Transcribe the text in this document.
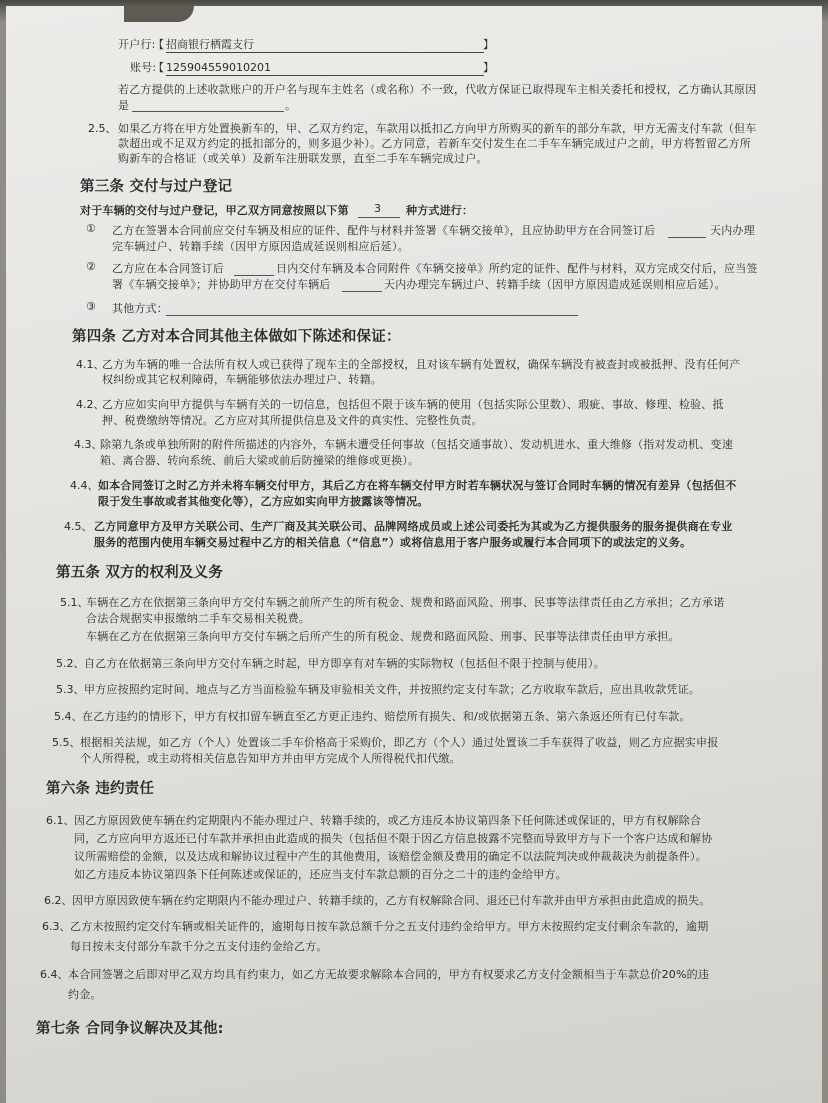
开户行:
【 招商银行栖霞支行	】
账号:
【 125904559010201	】
若乙方提供的上述收款账户的开户名与现车主姓名（或名称）不一致，代收方保证已取得现车主相关委托和授权，乙方确认其原因
是	。
2.5、 如果乙方将在甲方处置换新车的，甲、乙双方约定，车款用以抵扣乙方向甲方所购买的新车的部分车款，甲方无需支付车款（但车
款超出或不足双方约定的抵扣部分的，则多退少补）。乙方同意，若新车交付发生在二手车车辆完成过户之前，甲方将暂留乙方所
购新车的合格证（或关单）及新车注册联发票，直至二手车车辆完成过户。
第三条 交付与过户登记
对于车辆的交付与过户登记，甲乙双方同意按照以下第 3 种方式进行：
① 乙方在签署本合同前应交付车辆及相应的证件、配件与材料并签署《车辆交接单》，且应协助甲方在合同签订后	天内办理
完车辆过户、转籍手续（因甲方原因造成延误则相应后延）。
② 乙方应在本合同签订后	日内交付车辆及本合同附件《车辆交接单》所约定的证件、配件与材料，双方完成交付后，应当签
署《车辆交接单》；并协助甲方在交付车辆后	天内办理完车辆过户、转籍手续（因甲方原因造成延误则相应后延）。
③ 其他方式：
第四条 乙方对本合同其他主体做如下陈述和保证：
4.1、
乙方为车辆的唯一合法所有权人或已获得了现车主的全部授权，且对该车辆有处置权，确保车辆没有被查封或被抵押、没有任何产
权纠纷或其它权利障碍，车辆能够依法办理过户、转籍。
4.2、
乙方应如实向甲方提供与车辆有关的一切信息，包括但不限于该车辆的使用（包括实际公里数）、瑕疵、事故、修理、检验、抵
押、税费缴纳等情况。乙方应对其所提供信息及文件的真实性、完整性负责。
4.3、
除第九条或单独所附的附件所描述的内容外，车辆未遭受任何事故（包括交通事故）、发动机进水、重大维修（指对发动机、变速
箱、离合器、转向系统、前后大梁或前后防撞梁的维修或更换）。
4.4、 如本合同签订之时乙方并未将车辆交付甲方，其后乙方在将车辆交付甲方时若车辆状况与签订合同时车辆的情况有差异（包括但不
限于发生事故或者其他变化等），乙方应如实向甲方披露该等情况。
4.5、 乙方同意甲方及甲方关联公司、生产厂商及其关联公司、品牌网络成员或上述公司委托为其或为乙方提供服务的服务提供商在专业
服务的范围内使用车辆交易过程中乙方的相关信息（“信息”）或将信息用于客户服务或履行本合同项下的或法定的义务。
第五条 双方的权利及义务
5.1、
车辆在乙方在依据第三条向甲方交付车辆之前所产生的所有税金、规费和路面风险、刑事、民事等法律责任由乙方承担；乙方承诺
合法合规据实申报缴纳二手车交易相关税费。
车辆在乙方在依据第三条向甲方交付车辆之后所产生的所有税金、规费和路面风险、刑事、民事等法律责任由甲方承担。
5.2、 自乙方在依据第三条向甲方交付车辆之时起，甲方即享有对车辆的实际物权（包括但不限于控制与使用）。
5.3、 甲方应按照约定时间、地点与乙方当面检验车辆及审验相关文件，并按照约定支付车款；乙方收取车款后，应出具收款凭证。
5.4、 在乙方违约的情形下，甲方有权扣留车辆直至乙方更正违约、赔偿所有损失、和/或依据第五条、第六条返还所有已付车款。
5.5、 根据相关法规，如乙方（个人）处置该二手车价格高于采购价，即乙方（个人）通过处置该二手车获得了收益，则乙方应据实申报
个人所得税，或主动将相关信息告知甲方并由甲方完成个人所得税代扣代缴。
第六条 违约责任
6.1、 因乙方原因致使车辆在约定期限内不能办理过户、转籍手续的，或乙方违反本协议第四条下任何陈述或保证的，甲方有权解除合
同，乙方应向甲方返还已付车款并承担由此造成的损失（包括但不限于因乙方信息披露不完整而导致甲方与下一个客户达成和解协
议所需赔偿的金额，以及达成和解协议过程中产生的其他费用，该赔偿金额及费用的确定不以法院判决或仲裁裁决为前提条件）。
如乙方违反本协议第四条下任何陈述或保证的，还应当支付车款总额的百分之二十的违约金给甲方。
6.2、 因甲方原因致使车辆在约定期限内不能办理过户、转籍手续的，乙方有权解除合同、退还已付车款并由甲方承担由此造成的损失。
6.3、 乙方未按照约定交付车辆或相关证件的，逾期每日按车款总额千分之五支付违约金给甲方。甲方未按照约定支付剩余车款的，逾期
每日按未支付部分车款千分之五支付违约金给乙方。
6.4、 本合同签署之后即对甲乙双方均具有约束力，如乙方无故要求解除本合同的，甲方有权要求乙方支付金额相当于车款总价20%的违
约金。
第七条 合同争议解决及其他:
